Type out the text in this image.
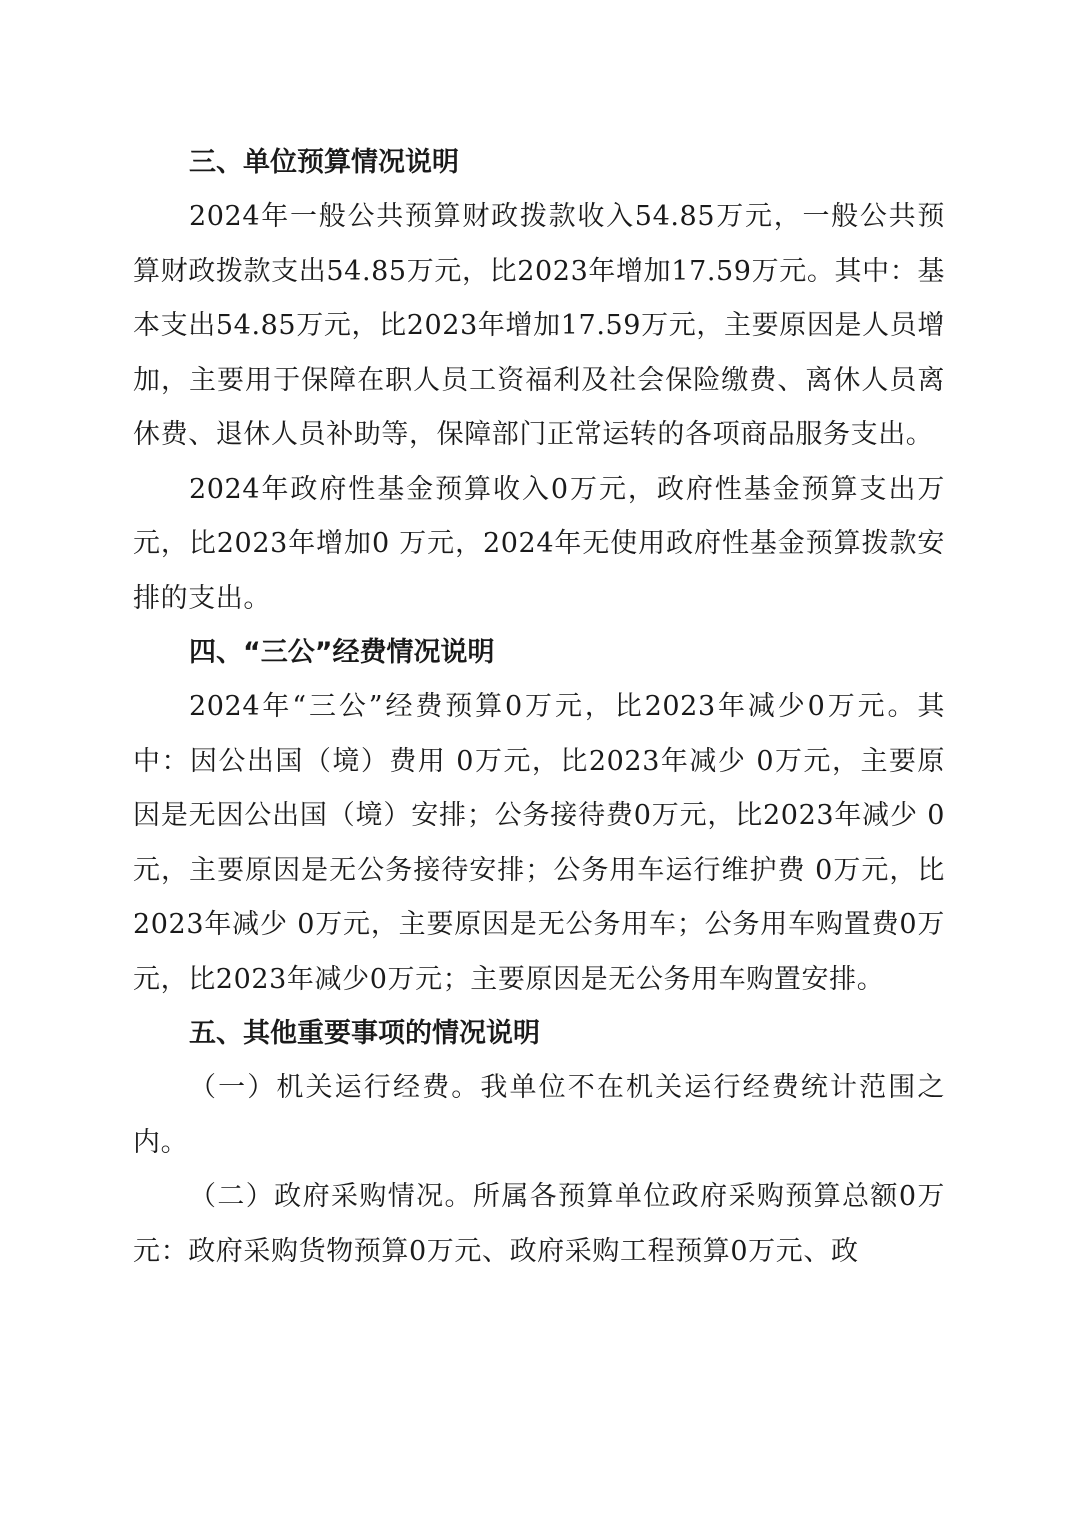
三、单位预算情况说明

2024年一般公共预算财政拨款收入54.85万元，一般公共预算财政拨款支出54.85万元，比2023年增加17.59万元。其中：基本支出54.85万元，比2023年增加17.59万元，主要原因是人员增加，主要用于保障在职人员工资福利及社会保险缴费、离休人员离休费、退休人员补助等，保障部门正常运转的各项商品服务支出。

2024年政府性基金预算收入0万元，政府性基金预算支出万元，比2023年增加0 万元，2024年无使用政府性基金预算拨款安排的支出。

四、“三公”经费情况说明

2024年“三公”经费预算0万元，比2023年减少0万元。其中：因公出国（境）费用 0万元，比2023年减少 0万元，主要原因是无因公出国（境）安排；公务接待费0万元，比2023年减少 0元，主要原因是无公务接待安排；公务用车运行维护费 0万元，比2023年减少 0万元，主要原因是无公务用车；公务用车购置费0万元，比2023年减少0万元；主要原因是无公务用车购置安排。

五、其他重要事项的情况说明

（一）机关运行经费。我单位不在机关运行经费统计范围之内。

（二）政府采购情况。所属各预算单位政府采购预算总额0万元：政府采购货物预算0万元、政府采购工程预算0万元、政
